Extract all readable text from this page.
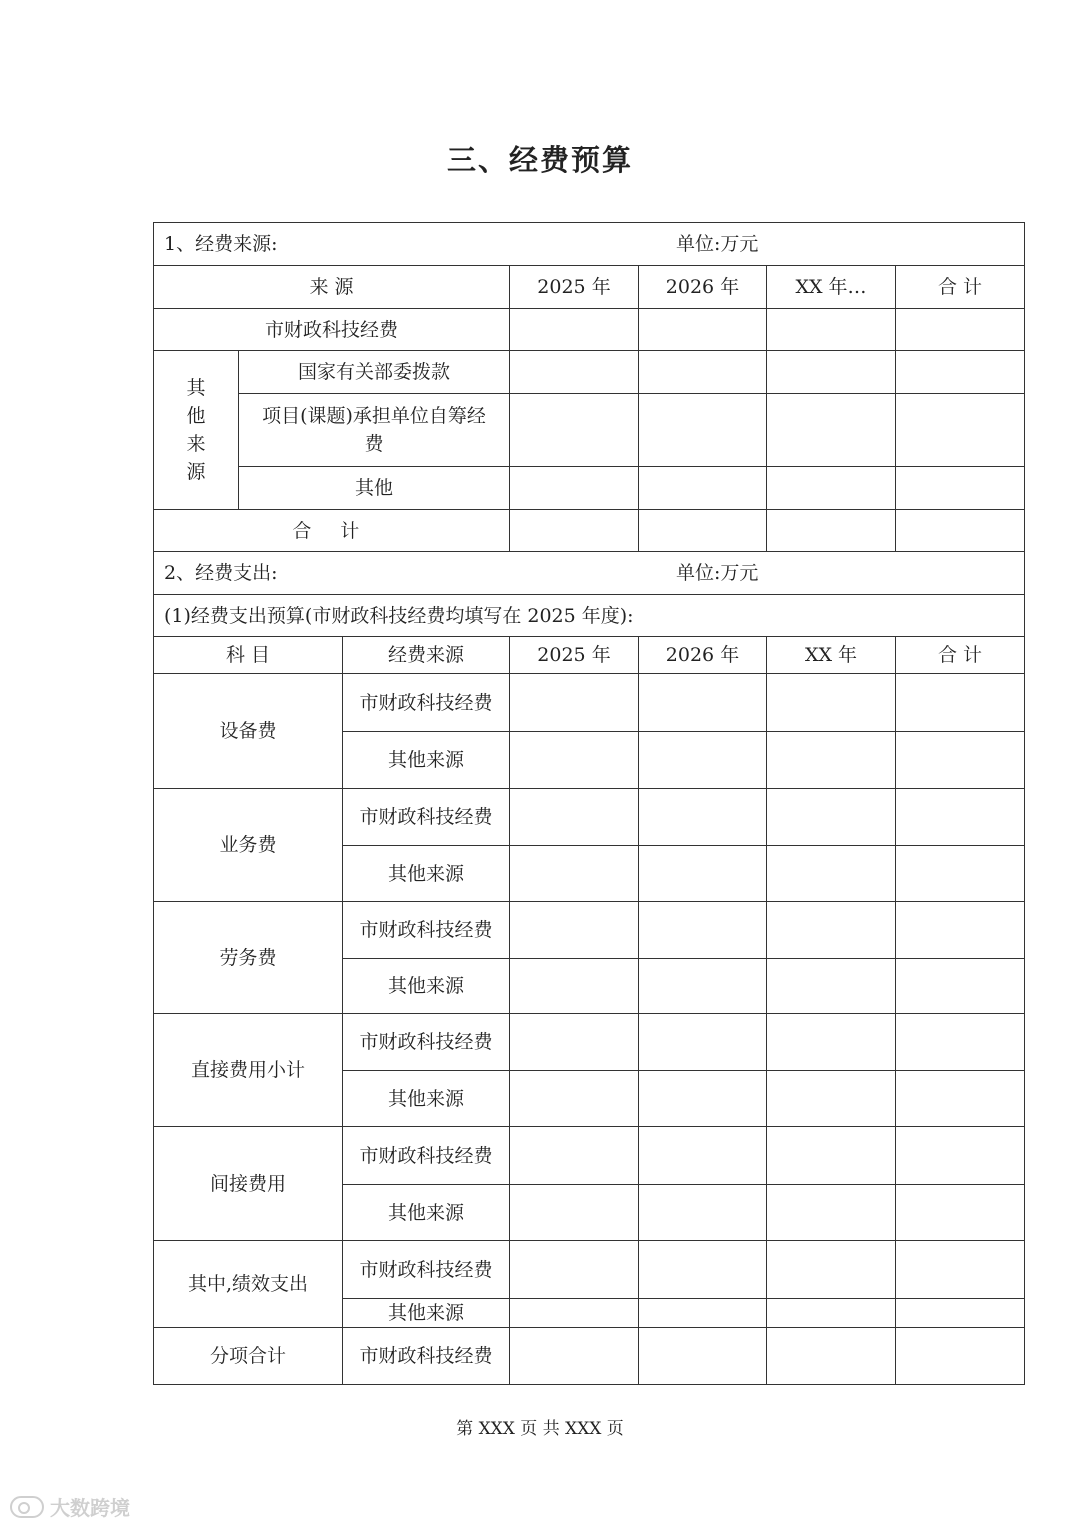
三、经费预算
1、经费来源: 单位:万元						

来 源			2025 年	2026 年	XX 年…	合 计
市财政科技经费						
其他来源	国家有关部委拨款					
	项目(课题)承担单位自筹经费					
	其他					
合 计						

2、经费支出: 单位:万元						

(1)经费支出预算(市财政科技经费均填写在 2025 年度):						
科 目		经费来源	2025 年	2026 年	XX 年	合 计
设备费		市财政科技经费				
		其他来源				
业务费		市财政科技经费				
		其他来源				
劳务费		市财政科技经费				
		其他来源				
直接费用小计		市财政科技经费				
		其他来源				
间接费用		市财政科技经费				
		其他来源				
其中,绩效支出		市财政科技经费				
		其他来源				
分项合计		市财政科技经费				
第 XXX 页 共 XXX 页
大数跨境
